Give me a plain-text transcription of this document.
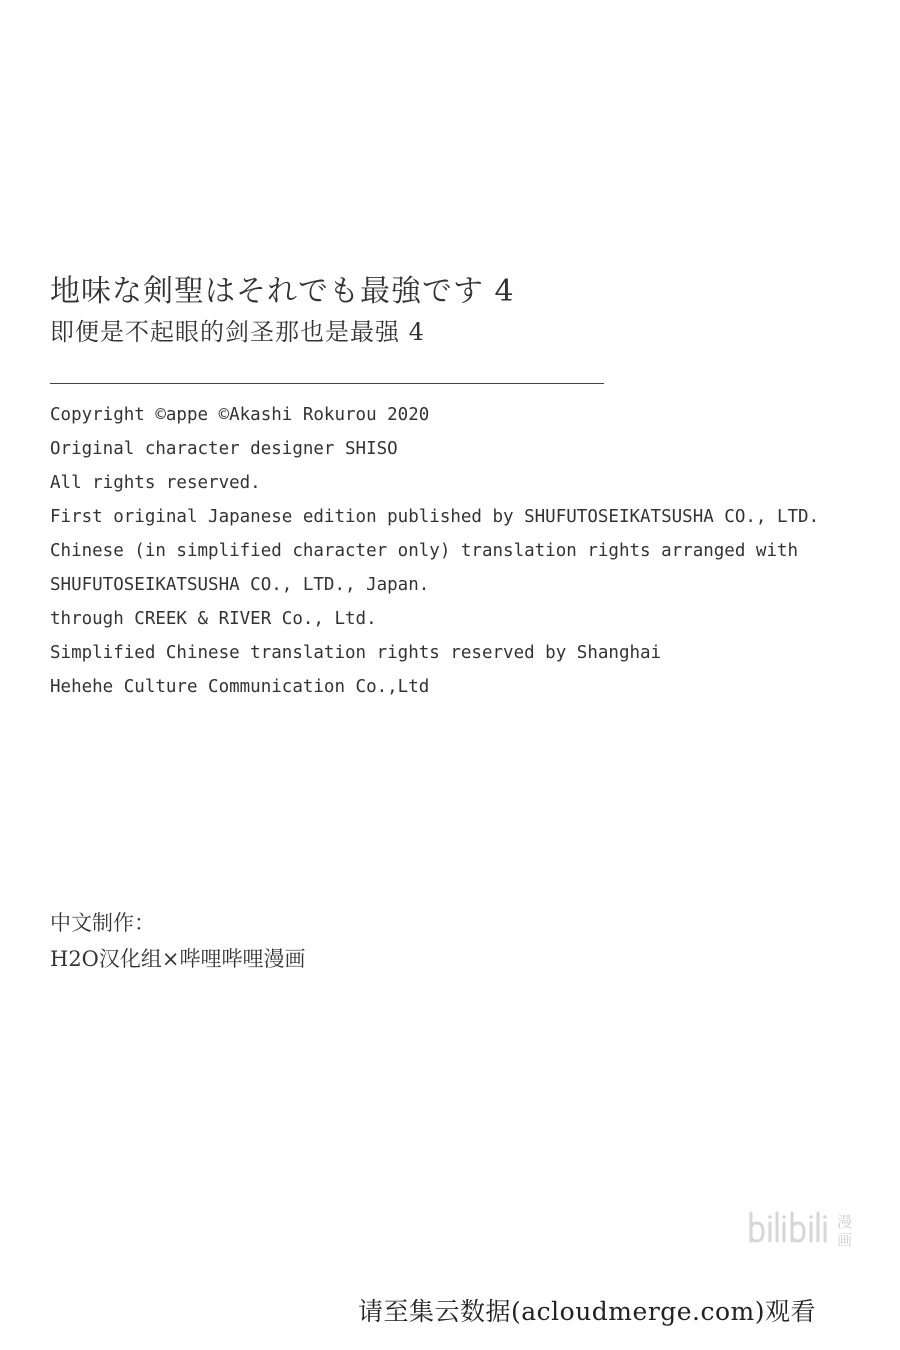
地味な剣聖はそれでも最強です 4
即便是不起眼的剑圣那也是最强 4
Copyright ©appe ©Akashi Rokurou 2020
Original character designer SHISO
All rights reserved.
First original Japanese edition published by SHUFUTOSEIKATSUSHA CO., LTD.
Chinese (in simplified character only) translation rights arranged with
SHUFUTOSEIKATSUSHA CO., LTD., Japan.
through CREEK & RIVER Co., Ltd.
Simplified Chinese translation rights reserved by Shanghai
Hehehe Culture Communication Co.,Ltd
中文制作：
H2O汉化组×哔哩哔哩漫画
漫
画
请至集云数据(acloudmerge.com)观看
